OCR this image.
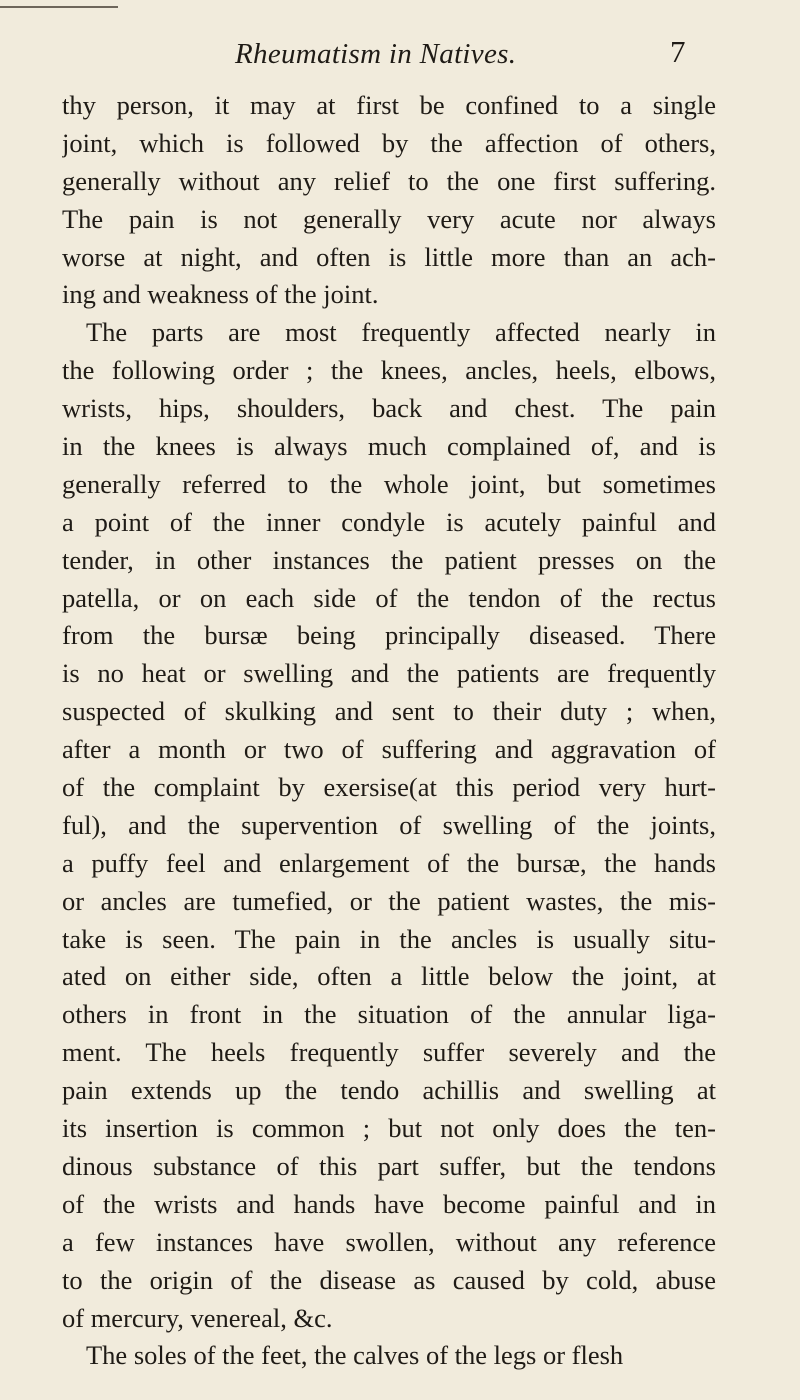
Rheumatism in Natives.	7
thy person, it may at first be confined to a single
joint, which is followed by the affection of others,
generally without any relief to the one first suffering.
The pain is not generally very acute nor always
worse at night, and often is little more than an ach-
ing and weakness of the joint.
The parts are most frequently affected nearly in
the following order ; the knees, ancles, heels, elbows,
wrists, hips, shoulders, back and chest. The pain
in the knees is always much complained of, and is
generally referred to the whole joint, but sometimes
a point of the inner condyle is acutely painful and
tender, in other instances the patient presses on the
patella, or on each side of the tendon of the rectus
from the bursæ being principally diseased. There
is no heat or swelling and the patients are frequently
suspected of skulking and sent to their duty ; when,
after a month or two of suffering and aggravation of
of the complaint by exersise(at this period very hurt-
ful), and the supervention of swelling of the joints,
a puffy feel and enlargement of the bursæ, the hands
or ancles are tumefied, or the patient wastes, the mis-
take is seen. The pain in the ancles is usually situ-
ated on either side, often a little below the joint, at
others in front in the situation of the annular liga-
ment. The heels frequently suffer severely and the
pain extends up the tendo achillis and swelling at
its insertion is common ; but not only does the ten-
dinous substance of this part suffer, but the tendons
of the wrists and hands have become painful and in
a few instances have swollen, without any reference
to the origin of the disease as caused by cold, abuse
of mercury, venereal, &c.
The soles of the feet, the calves of the legs or flesh
